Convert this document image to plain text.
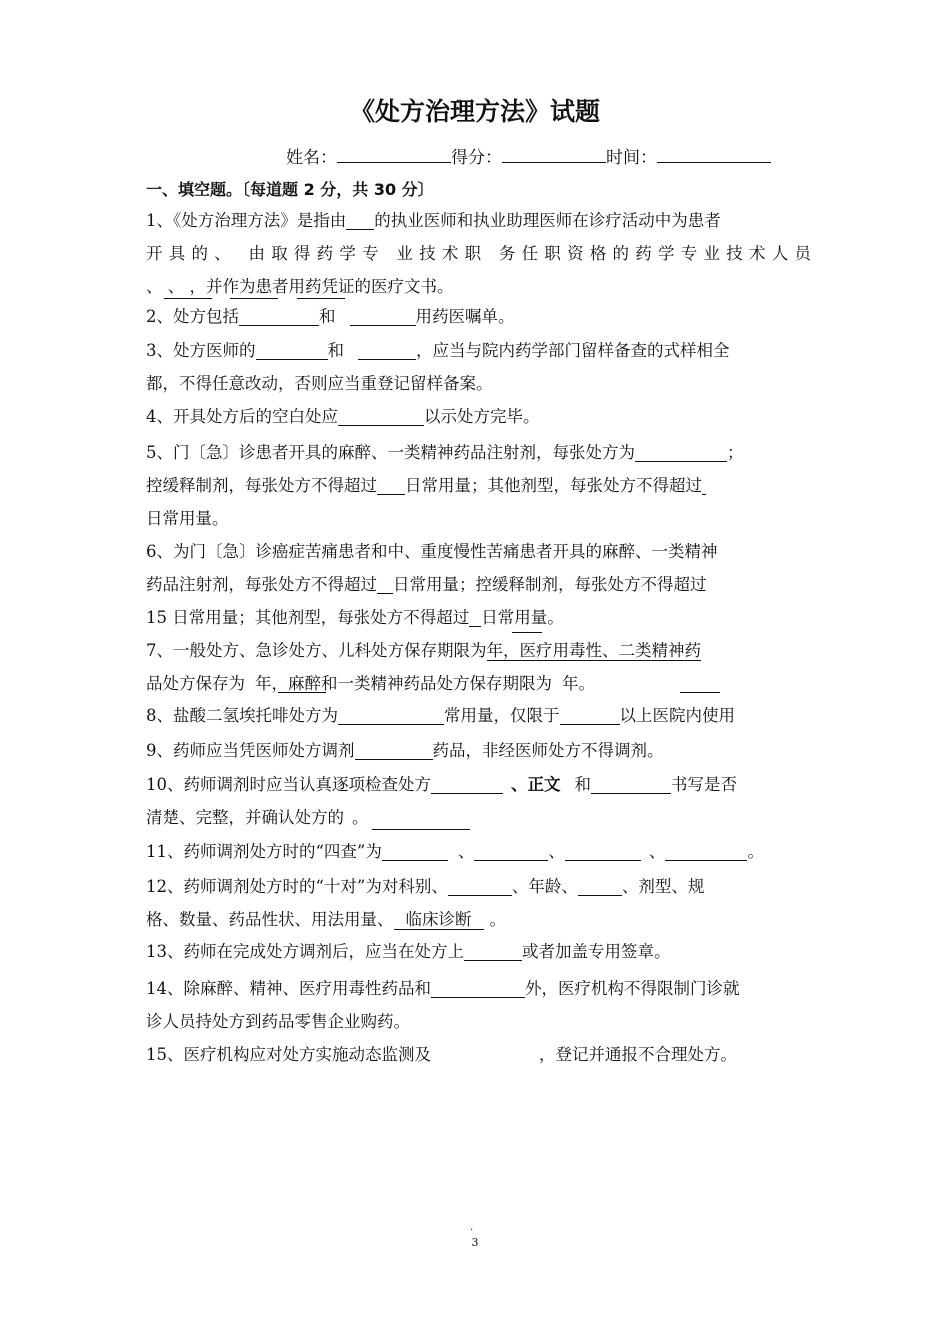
《处方治理方法》试题
姓名：	得分：	时间：
一、填空题。〔每道题 2 分，共 30 分〕
1、《处方治理方法》是指由 的执业医师和执业助理医师在诊疗活动中为患者
开具的、 由取得药学专 业技术职 务任职资格的药学专业技术人员
、 、 ，并作为患者用药凭证的医疗文书。
2、处方包括	和	用药医嘱单。
3、处方医师的	和	，应当与院内药学部门留样备查的式样相全
都，不得任意改动，否则应当重登记留样备案。
4、开具处方后的空白处应	以示处方完毕。
5、门〔急〕诊患者开具的麻醉、一类精神药品注射剂，每张处方为	；
控缓释制剂，每张处方不得超过 日常用量；其他剂型，每张处方不得超过
日常用量。
6、为门〔急〕诊癌症苦痛患者和中、重度慢性苦痛患者开具的麻醉、一类精神
药品注射剂，每张处方不得超过 日常用量；控缓释制剂，每张处方不得超过
15 日常用量；其他剂型，每张处方不得超过 日常用量。
7、一般处方、急诊处方、儿科处方保存期限为年，医疗用毒性、二类精神药
品处方保存为 年，麻醉和一类精神药品处方保存期限为 年。
8、盐酸二氢埃托啡处方为	常用量，仅限于	以上医院内使用
9、药师应当凭医师处方调剂	药品，非经医师处方不得调剂。
10、药师调剂时应当认真逐项检查处方	、正文 和	书写是否
清楚、完整，并确认处方的 。
11、药师调剂处方时的“四查”为	、	、	、	。
12、药师调剂处方时的“十对”为对科别、	、年龄、	、剂型、规
格、数量、药品性状、用法用量、 临床诊断 。
13、药师在完成处方调剂后，应当在处方上	或者加盖专用签章。
14、除麻醉、精神、医疗用毒性药品和	外，医疗机构不得限制门诊就
诊人员持处方到药品零售企业购药。
15、医疗机构应对处方实施动态监测及	，登记并通报不合理处方。
.
3
